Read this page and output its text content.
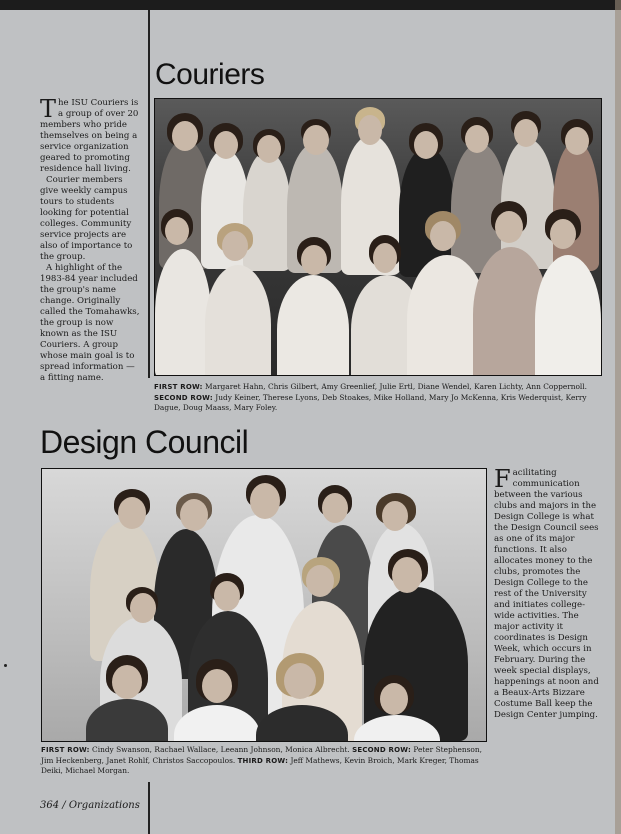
Couriers

The ISU Couriers is a group of over 20 members who pride themselves on being a service organization geared to promoting residence hall living.

Courier members give weekly campus tours to students looking for potential colleges. Community service projects are also of importance to the group.

A highlight of the 1983-84 year included the group's name change. Originally called the Tomahawks, the group is now known as the ISU Couriers. A group whose main goal is to spread information — a fitting name.

FIRST ROW: Margaret Hahn, Chris Gilbert, Amy Greenlief, Julie Ertl, Diane Wendel, Karen Lichty, Ann Coppernoll. SECOND ROW: Judy Keiner, Therese Lyons, Deb Stoakes, Mike Holland, Mary Jo McKenna, Kris Wederquist, Kerry Dague, Doug Maass, Mary Foley.
Design Council

Facilitating communication between the various clubs and majors in the Design College is what the Design Council sees as one of its major functions. It also allocates money to the clubs, promotes the Design College to the rest of the University and initiates college-wide activities. The major activity it coordinates is Design Week, which occurs in February. During the week special displays, happenings at noon and a Beaux-Arts Bizzare Costume Ball keep the Design Center jumping.

FIRST ROW: Cindy Swanson, Rachael Wallace, Leeann Johnson, Monica Albrecht. SECOND ROW: Peter Stephenson, Jim Heckenberg, Janet Rohlf, Christos Saccopoulos. THIRD ROW: Jeff Mathews, Kevin Broich, Mark Kreger, Thomas Deiki, Michael Morgan.
364 / Organizations
